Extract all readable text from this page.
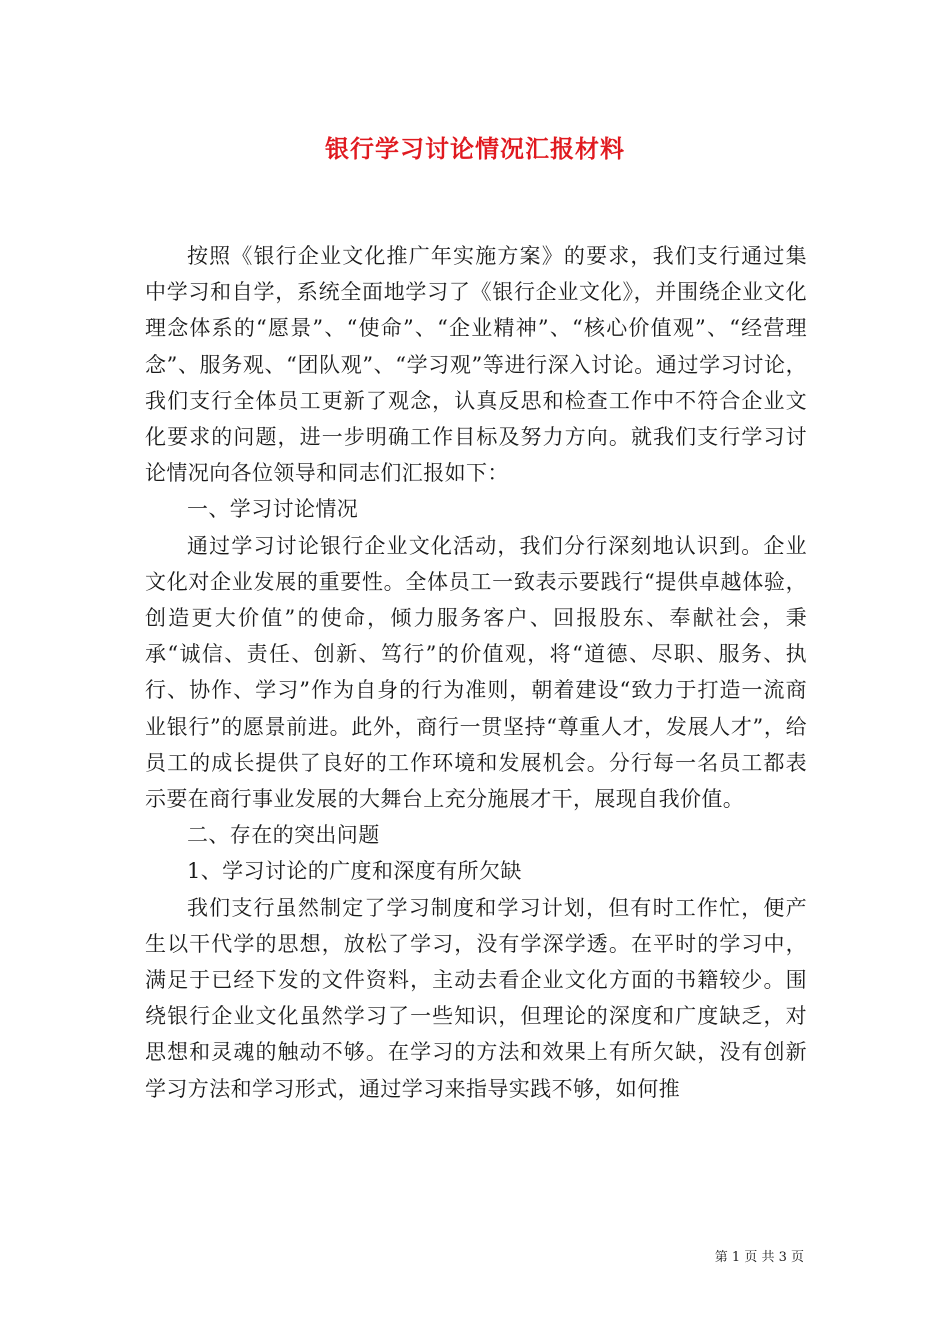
银行学习讨论情况汇报材料

按照《银行企业文化推广年实施方案》的要求，我们支行通过集中学习和自学，系统全面地学习了《银行企业文化》，并围绕企业文化理念体系的“愿景”、“使命”、“企业精神”、“核心价值观”、“经营理念”、服务观、“团队观”、“学习观”等进行深入讨论。通过学习讨论，我们支行全体员工更新了观念，认真反思和检查工作中不符合企业文化要求的问题，进一步明确工作目标及努力方向。就我们支行学习讨论情况向各位领导和同志们汇报如下：

一、学习讨论情况

通过学习讨论银行企业文化活动，我们分行深刻地认识到。企业文化对企业发展的重要性。全体员工一致表示要践行“提供卓越体验，创造更大价值”的使命，倾力服务客户、回报股东、奉献社会，秉承“诚信、责任、创新、笃行”的价值观，将“道德、尽职、服务、执行、协作、学习”作为自身的行为准则，朝着建设“致力于打造一流商业银行”的愿景前进。此外，商行一贯坚持“尊重人才，发展人才”，给员工的成长提供了良好的工作环境和发展机会。分行每一名员工都表示要在商行事业发展的大舞台上充分施展才干，展现自我价值。

二、存在的突出问题

1、学习讨论的广度和深度有所欠缺

我们支行虽然制定了学习制度和学习计划，但有时工作忙，便产生以干代学的思想，放松了学习，没有学深学透。在平时的学习中，满足于已经下发的文件资料，主动去看企业文化方面的书籍较少。围绕银行企业文化虽然学习了一些知识，但理论的深度和广度缺乏，对思想和灵魂的触动不够。在学习的方法和效果上有所欠缺，没有创新学习方法和学习形式，通过学习来指导实践不够，如何推

第 1 页 共 3 页
